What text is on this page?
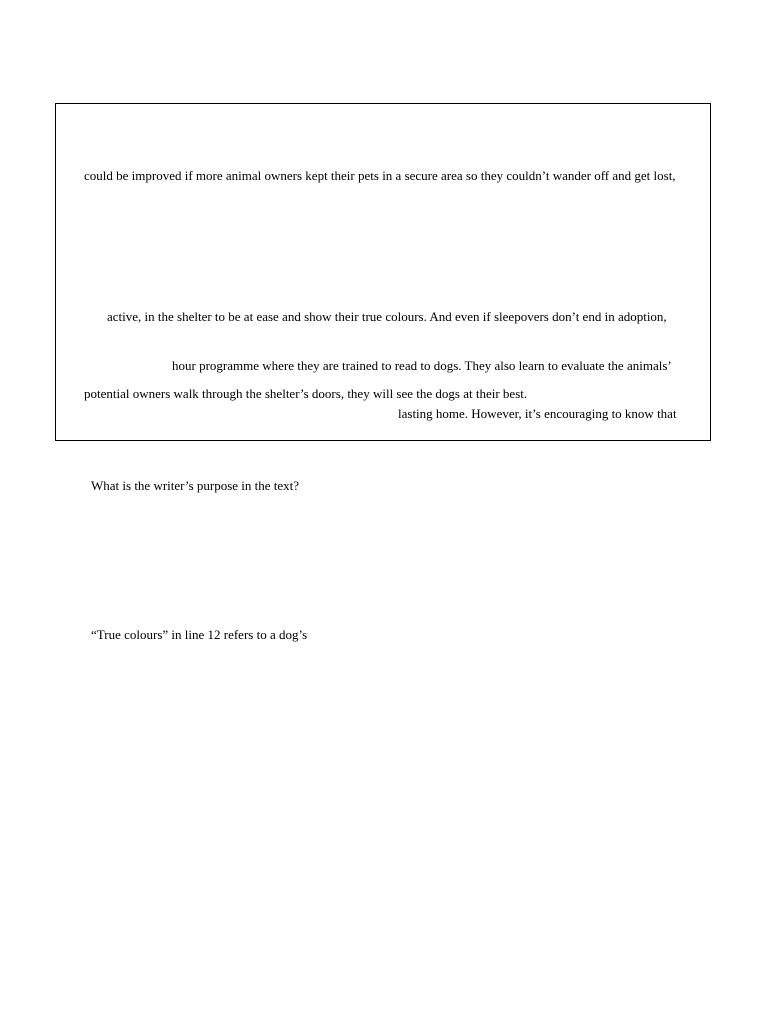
could be improved if more animal owners kept their pets in a secure area so they couldn’t wander off and get lost,
active, in the shelter to be at ease and show their true colours. And even if sleepovers don’t end in adoption,
hour programme where they are trained to read to dogs. They also learn to evaluate the animals’
potential owners walk through the shelter’s doors, they will see the dogs at their best.
lasting home. However, it’s encouraging to know that
What is the writer’s purpose in the text?
“True colours” in line 12 refers to a dog’s
